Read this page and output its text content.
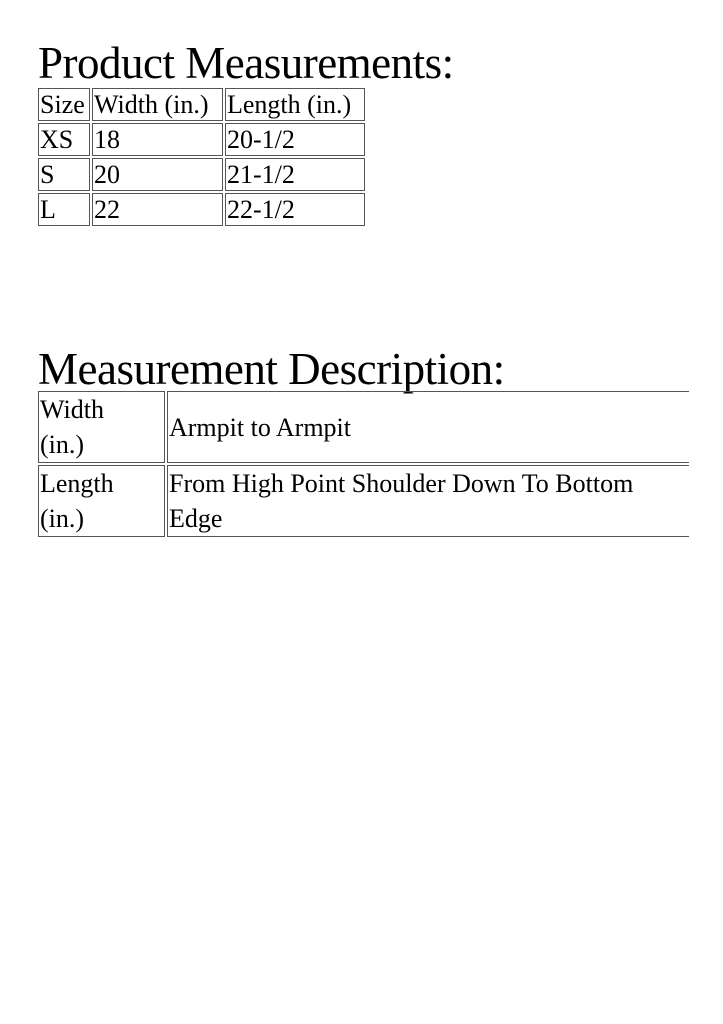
Product Measurements:
Size	Width (in.)	Length (in.)
XS	18	20-1/2
S	20	21-1/2
L	22	22-1/2
Measurement Description:
Width
(in.)	Armpit to Armpit

Length
(in.)	From High Point Shoulder Down To Bottom
Edge
